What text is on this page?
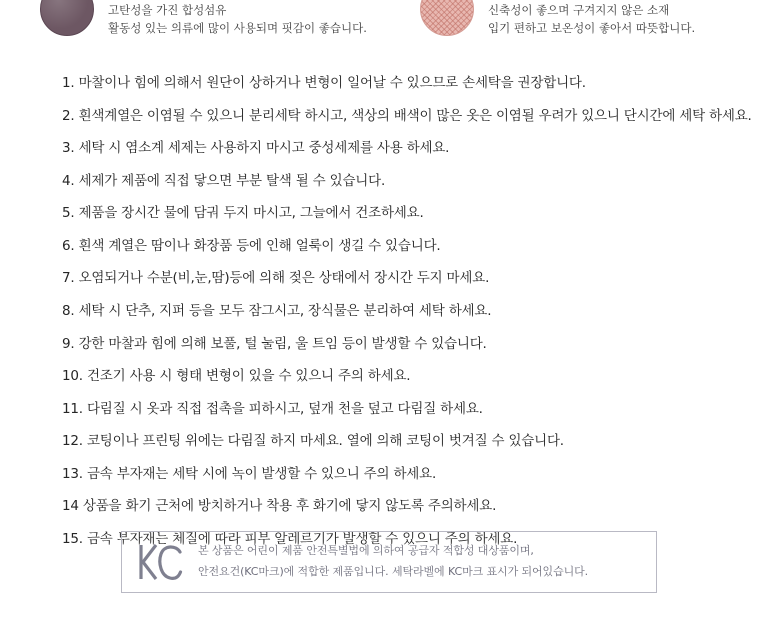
고탄성을 가진 합성섬유
활동성 있는 의류에 많이 사용되며 핏감이 좋습니다.
신축성이 좋으며 구겨지지 않은 소재
입기 편하고 보온성이 좋아서 따뜻합니다.
1. 마찰이나 힘에 의해서 원단이 상하거나 변형이 일어날 수 있으므로 손세탁을 권장합니다.
2. 흰색계열은 이염될 수 있으니 분리세탁 하시고, 색상의 배색이 많은 옷은 이염될 우려가 있으니 단시간에 세탁 하세요.
3. 세탁 시 염소계 세제는 사용하지 마시고 중성세제를 사용 하세요.
4. 세제가 제품에 직접 닿으면 부분 탈색 될 수 있습니다.
5. 제품을 장시간 물에 담궈 두지 마시고, 그늘에서 건조하세요.
6. 흰색 계열은 땀이나 화장품 등에 인해 얼룩이 생길 수 있습니다.
7. 오염되거나 수분(비,눈,땀)등에 의해 젖은 상태에서 장시간 두지 마세요.
8. 세탁 시 단추, 지퍼 등을 모두 잠그시고, 장식물은 분리하여 세탁 하세요.
9. 강한 마찰과 힘에 의해 보풀, 털 눌림, 울 트임 등이 발생할 수 있습니다.
10. 건조기 사용 시 형태 변형이 있을 수 있으니 주의 하세요.
11. 다림질 시 옷과 직접 접촉을 피하시고, 덮개 천을 덮고 다림질 하세요.
12. 코팅이나 프린팅 위에는 다림질 하지 마세요. 열에 의해 코팅이 벗겨질 수 있습니다.
13. 금속 부자재는 세탁 시에 녹이 발생할 수 있으니 주의 하세요.
14 상품을 화기 근처에 방치하거나 착용 후 화기에 닿지 않도록 주의하세요.
15. 금속 부자재는 체질에 따라 피부 알레르기가 발생할 수 있으니 주의 하세요.
본 상품은 어린이 제품 안전특별법에 의하여 공급자 적합성 대상품이며,
안전요건(KC마크)에 적합한 제품입니다. 세탁라벨에 KC마크 표시가 되어있습니다.
